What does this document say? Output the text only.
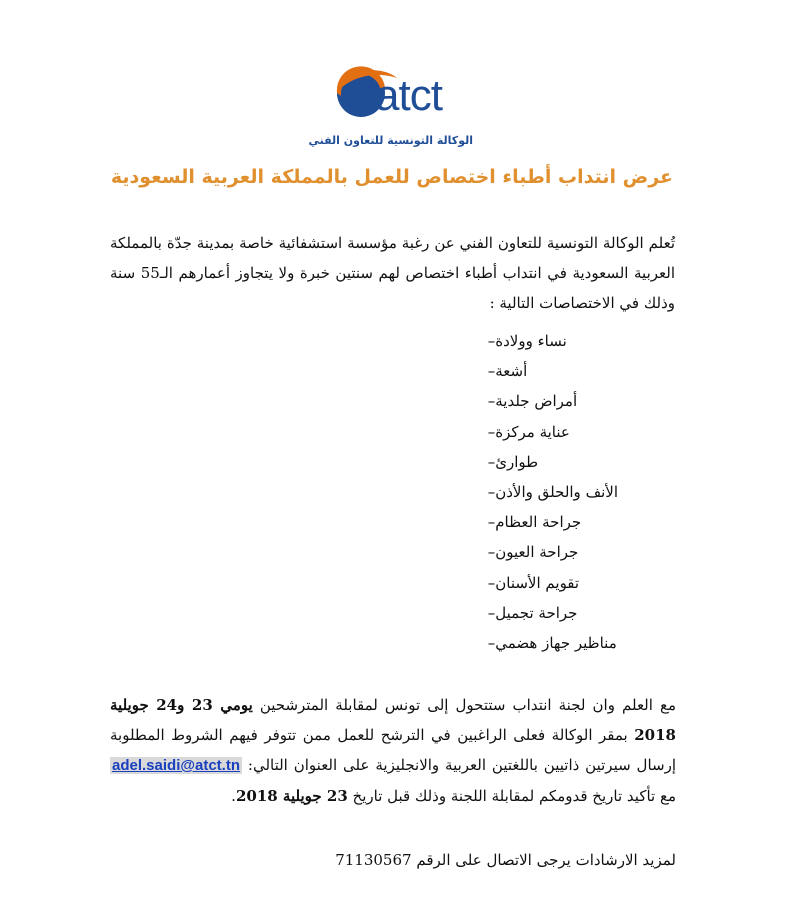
atct
الوكالة التونسية للتعاون الفني
عرض انتداب أطباء اختصاص للعمل بالمملكة العربية السعودية
تُعلم الوكالة التونسية للتعاون الفني عن رغبة مؤسسة استشفائية خاصة بمدينة جدّة بالمملكة العربية السعودية في انتداب أطباء اختصاص لهم سنتين خبرة ولا يتجاوز أعمارهم الـ55 سنة وذلك في الاختصاصات التالية :
– نساء وولادة
– أشعة
– أمراض جلدية
– عناية مركزة
– طوارئ
– الأنف والحلق والأذن
– جراحة العظام
– جراحة العيون
– تقويم الأسنان
– جراحة تجميل
– مناظير جهاز هضمي
مع العلم وان لجنة انتداب ستتحول إلى تونس لمقابلة المترشحين يومي 23 و24 جويلية 2018 بمقر الوكالة فعلى الراغبين في الترشح للعمل ممن تتوفر فيهم الشروط المطلوبة إرسال سيرتين ذاتيين باللغتين العربية والانجليزية على العنوان التالي: adel.saidi@atct.tn مع تأكيد تاريخ قدومكم لمقابلة اللجنة وذلك قبل تاريخ 23 جويلية 2018.
لمزيد الارشادات يرجى الاتصال على الرقم 71130567
